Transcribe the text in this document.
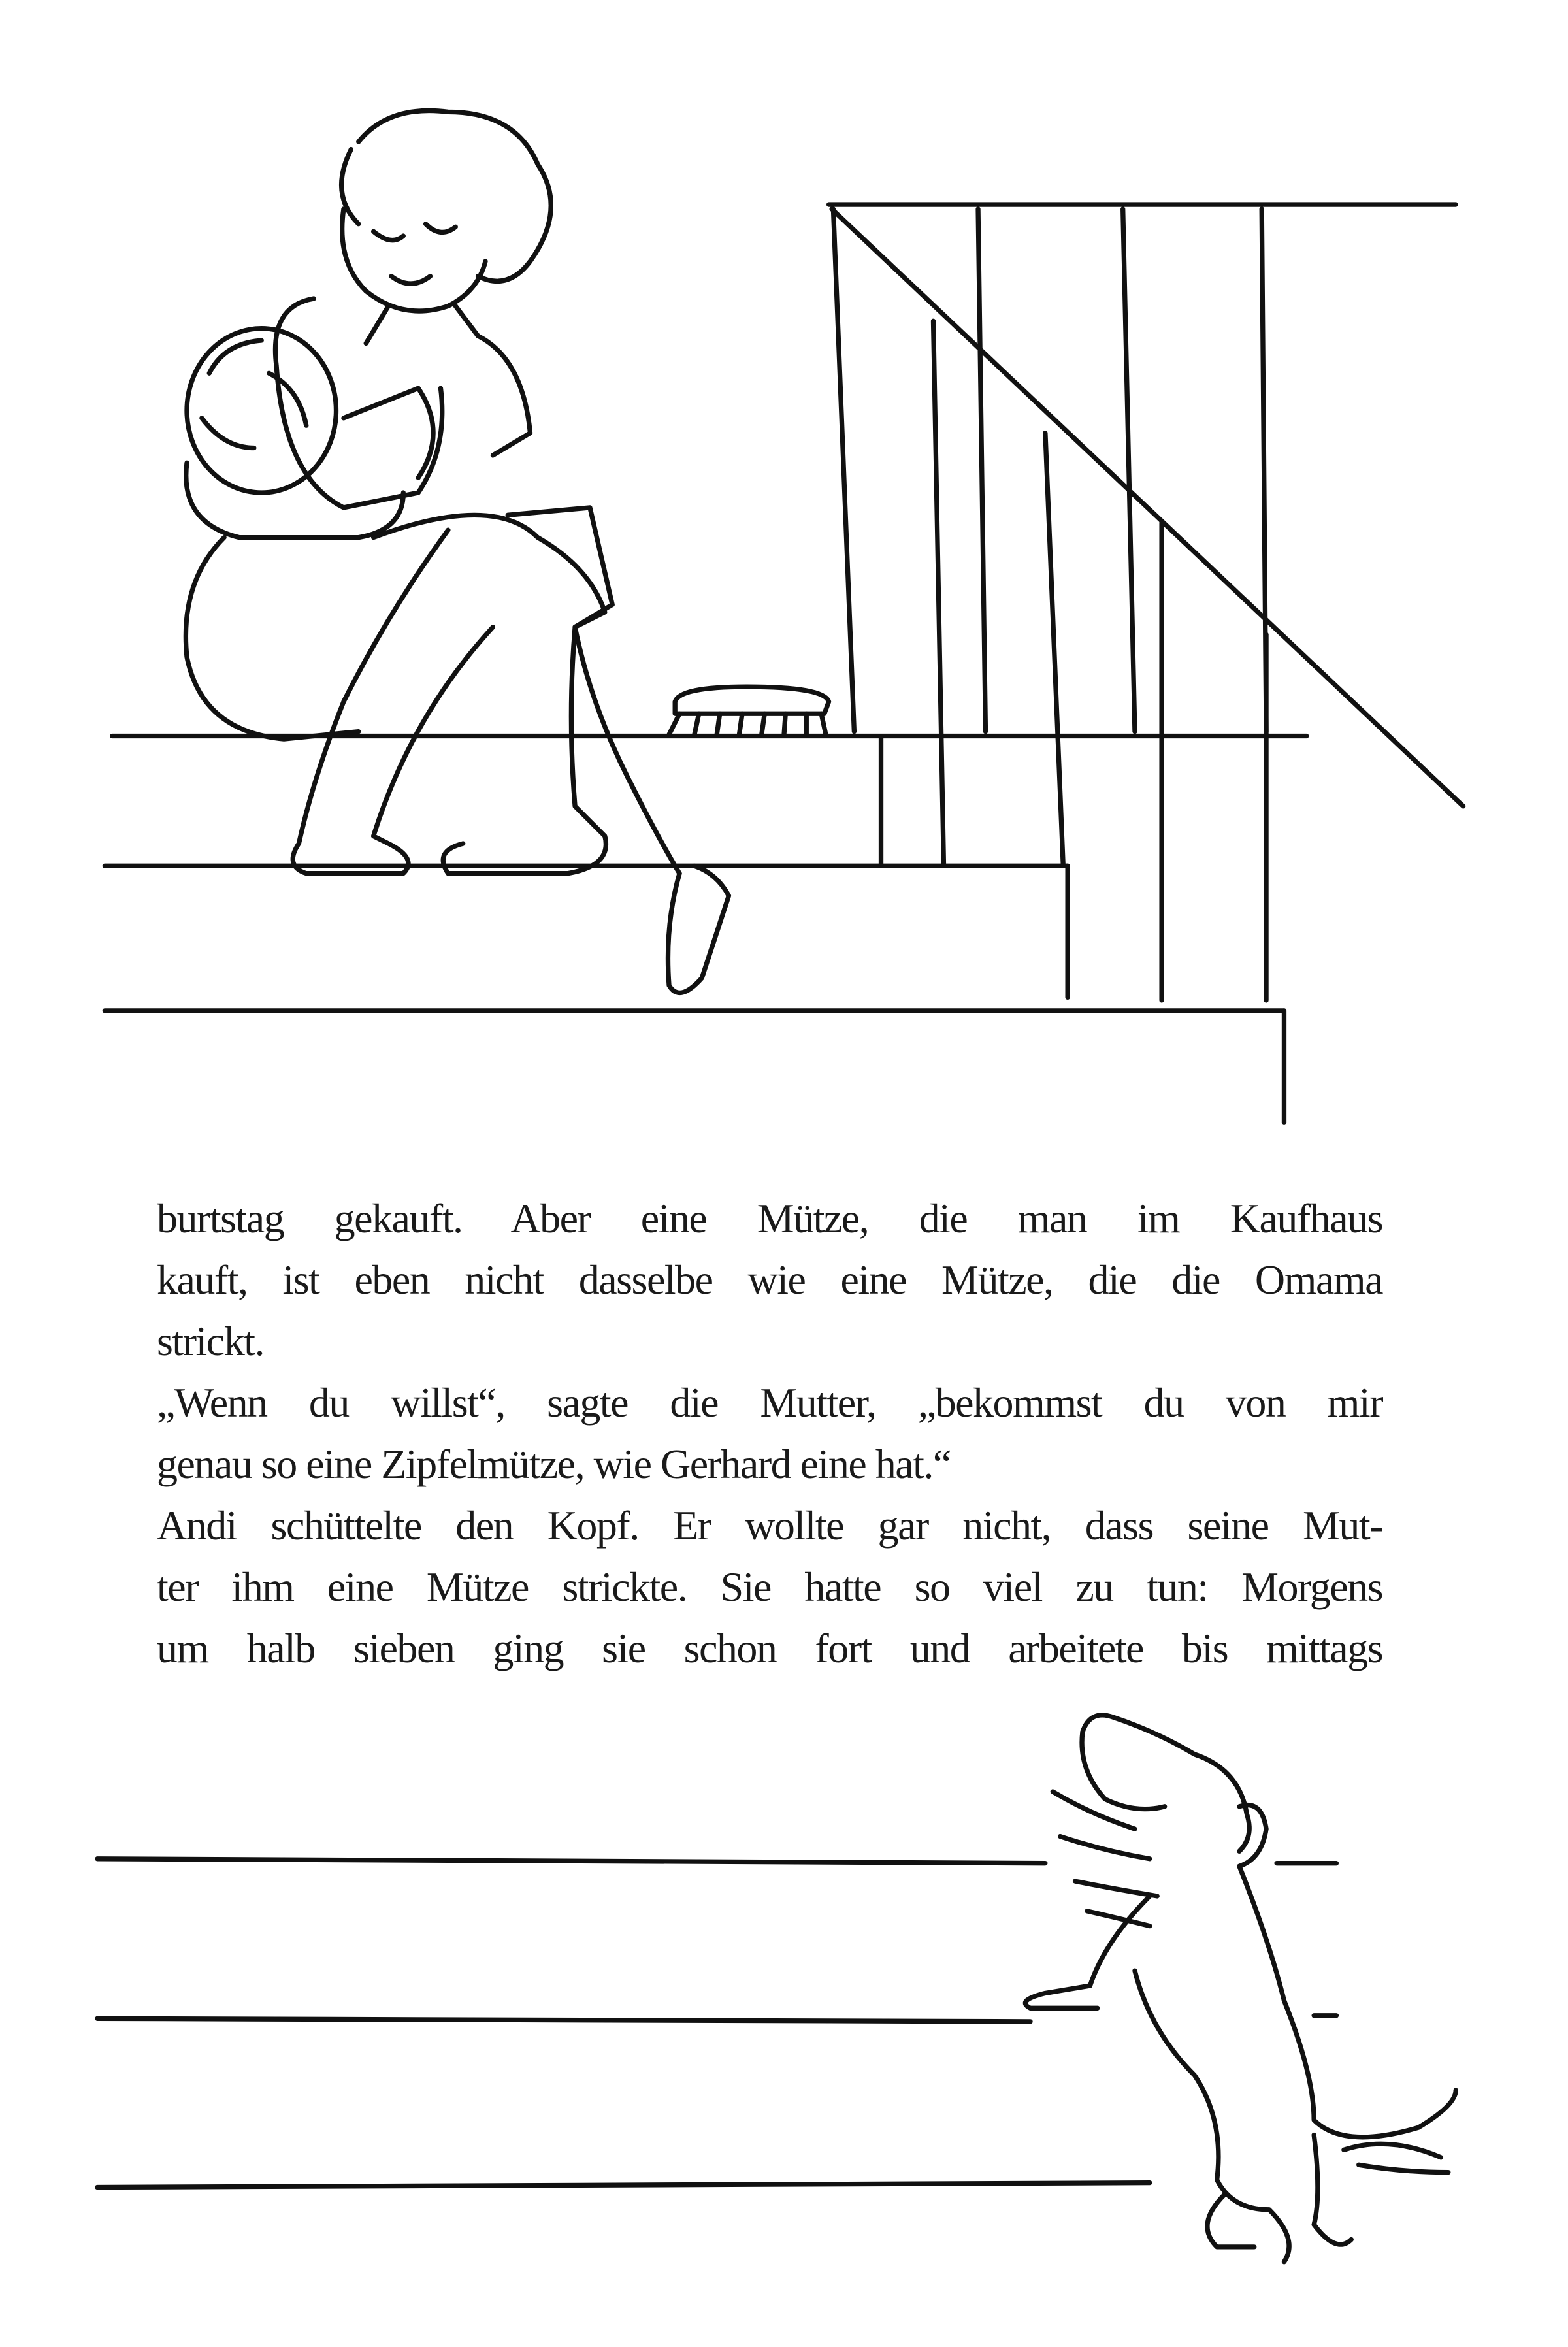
burtstag gekauft. Aber eine Mütze, die man im Kaufhaus
kauft, ist eben nicht dasselbe wie eine Mütze, die die Omama
strickt.
„Wenn du willst“, sagte die Mutter, „bekommst du von mir
genau so eine Zipfelmütze, wie Gerhard eine hat.“
Andi schüttelte den Kopf. Er wollte gar nicht, dass seine Mut-
ter ihm eine Mütze strickte. Sie hatte so viel zu tun: Morgens
um halb sieben ging sie schon fort und arbeitete bis mittags
